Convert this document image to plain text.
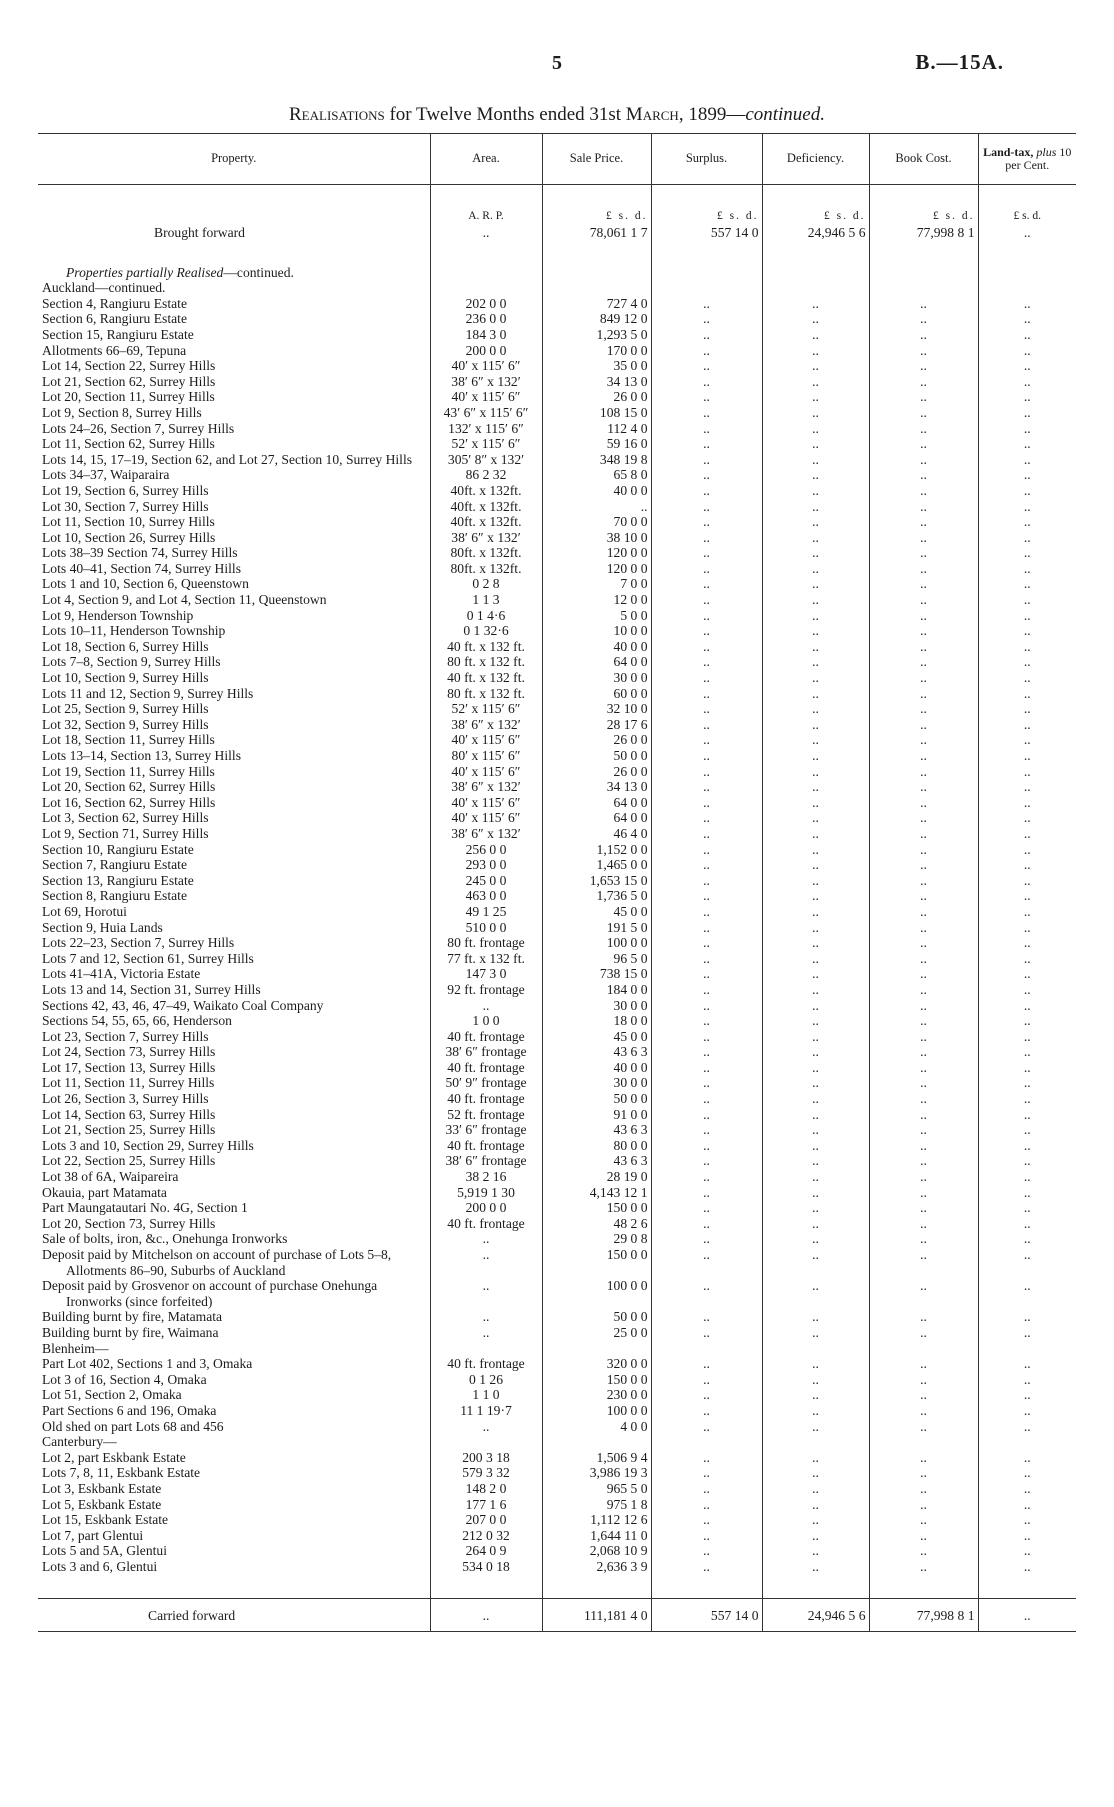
5	B.—15A.
Realisations for Twelve Months ended 31st March, 1899—continued.
Property.	Area.	Sale Price.	Surplus.	Deficiency.	Book Cost.	Land-tax, plus 10 per Cent.

	A. R. P.	£ s. d.	£ s. d.	£ s. d.	£ s. d.	£ s. d.
Brought forward	..	78,061 1 7	557 14 0	24,946 5 6	77,998 8 1	..

Properties partially Realised—continued.						
Auckland—continued.						
Section 4, Rangiuru Estate	202 0 0	727 4 0	..	..	..	..
Section 6, Rangiuru Estate	236 0 0	849 12 0	..	..	..	..
Section 15, Rangiuru Estate	184 3 0	1,293 5 0	..	..	..	..
Allotments 66–69, Tepuna	200 0 0	170 0 0	..	..	..	..
Lot 14, Section 22, Surrey Hills	40′ x 115′ 6″	35 0 0	..	..	..	..
Lot 21, Section 62, Surrey Hills	38′ 6″ x 132′	34 13 0	..	..	..	..
Lot 20, Section 11, Surrey Hills	40′ x 115′ 6″	26 0 0	..	..	..	..
Lot 9, Section 8, Surrey Hills	43′ 6″ x 115′ 6″	108 15 0	..	..	..	..
Lots 24–26, Section 7, Surrey Hills	132′ x 115′ 6″	112 4 0	..	..	..	..
Lot 11, Section 62, Surrey Hills	52′ x 115′ 6″	59 16 0	..	..	..	..
Lots 14, 15, 17–19, Section 62, and Lot 27, Section 10, Surrey Hills	305′ 8″ x 132′	348 19 8	..	..	..	..
Lots 34–37, Waiparaira	86 2 32	65 8 0	..	..	..	..
Lot 19, Section 6, Surrey Hills	40ft. x 132ft.	40 0 0	..	..	..	..
Lot 30, Section 7, Surrey Hills	40ft. x 132ft.	..	..	..	..	..
Lot 11, Section 10, Surrey Hills	40ft. x 132ft.	70 0 0	..	..	..	..
Lot 10, Section 26, Surrey Hills	38′ 6″ x 132′	38 10 0	..	..	..	..
Lots 38–39 Section 74, Surrey Hills	80ft. x 132ft.	120 0 0	..	..	..	..
Lots 40–41, Section 74, Surrey Hills	80ft. x 132ft.	120 0 0	..	..	..	..
Lots 1 and 10, Section 6, Queenstown	0 2 8	7 0 0	..	..	..	..
Lot 4, Section 9, and Lot 4, Section 11, Queenstown	1 1 3	12 0 0	..	..	..	..
Lot 9, Henderson Township	0 1 4·6	5 0 0	..	..	..	..
Lots 10–11, Henderson Township	0 1 32·6	10 0 0	..	..	..	..
Lot 18, Section 6, Surrey Hills	40 ft. x 132 ft.	40 0 0	..	..	..	..
Lots 7–8, Section 9, Surrey Hills	80 ft. x 132 ft.	64 0 0	..	..	..	..
Lot 10, Section 9, Surrey Hills	40 ft. x 132 ft.	30 0 0	..	..	..	..
Lots 11 and 12, Section 9, Surrey Hills	80 ft. x 132 ft.	60 0 0	..	..	..	..
Lot 25, Section 9, Surrey Hills	52′ x 115′ 6″	32 10 0	..	..	..	..
Lot 32, Section 9, Surrey Hills	38′ 6″ x 132′	28 17 6	..	..	..	..
Lot 18, Section 11, Surrey Hills	40′ x 115′ 6″	26 0 0	..	..	..	..
Lots 13–14, Section 13, Surrey Hills	80′ x 115′ 6″	50 0 0	..	..	..	..
Lot 19, Section 11, Surrey Hills	40′ x 115′ 6″	26 0 0	..	..	..	..
Lot 20, Section 62, Surrey Hills	38′ 6″ x 132′	34 13 0	..	..	..	..
Lot 16, Section 62, Surrey Hills	40′ x 115′ 6″	64 0 0	..	..	..	..
Lot 3, Section 62, Surrey Hills	40′ x 115′ 6″	64 0 0	..	..	..	..
Lot 9, Section 71, Surrey Hills	38′ 6″ x 132′	46 4 0	..	..	..	..
Section 10, Rangiuru Estate	256 0 0	1,152 0 0	..	..	..	..
Section 7, Rangiuru Estate	293 0 0	1,465 0 0	..	..	..	..
Section 13, Rangiuru Estate	245 0 0	1,653 15 0	..	..	..	..
Section 8, Rangiuru Estate	463 0 0	1,736 5 0	..	..	..	..
Lot 69, Horotui	49 1 25	45 0 0	..	..	..	..
Section 9, Huia Lands	510 0 0	191 5 0	..	..	..	..
Lots 22–23, Section 7, Surrey Hills	80 ft. frontage	100 0 0	..	..	..	..
Lots 7 and 12, Section 61, Surrey Hills	77 ft. x 132 ft.	96 5 0	..	..	..	..
Lots 41–41A, Victoria Estate	147 3 0	738 15 0	..	..	..	..
Lots 13 and 14, Section 31, Surrey Hills	92 ft. frontage	184 0 0	..	..	..	..
Sections 42, 43, 46, 47–49, Waikato Coal Company	..	30 0 0	..	..	..	..
Sections 54, 55, 65, 66, Henderson	1 0 0	18 0 0	..	..	..	..
Lot 23, Section 7, Surrey Hills	40 ft. frontage	45 0 0	..	..	..	..
Lot 24, Section 73, Surrey Hills	38′ 6″ frontage	43 6 3	..	..	..	..
Lot 17, Section 13, Surrey Hills	40 ft. frontage	40 0 0	..	..	..	..
Lot 11, Section 11, Surrey Hills	50′ 9″ frontage	30 0 0	..	..	..	..
Lot 26, Section 3, Surrey Hills	40 ft. frontage	50 0 0	..	..	..	..
Lot 14, Section 63, Surrey Hills	52 ft. frontage	91 0 0	..	..	..	..
Lot 21, Section 25, Surrey Hills	33′ 6″ frontage	43 6 3	..	..	..	..
Lots 3 and 10, Section 29, Surrey Hills	40 ft. frontage	80 0 0	..	..	..	..
Lot 22, Section 25, Surrey Hills	38′ 6″ frontage	43 6 3	..	..	..	..
Lot 38 of 6A, Waipareira	38 2 16	28 19 0	..	..	..	..
Okauia, part Matamata	5,919 1 30	4,143 12 1	..	..	..	..
Part Maungatautari No. 4G, Section 1	200 0 0	150 0 0	..	..	..	..
Lot 20, Section 73, Surrey Hills	40 ft. frontage	48 2 6	..	..	..	..
Sale of bolts, iron, &c., Onehunga Ironworks	..	29 0 8	..	..	..	..
Deposit paid by Mitchelson on account of purchase of Lots 5–8, Allotments 86–90, Suburbs of Auckland	..	150 0 0	..	..	..	..
Deposit paid by Grosvenor on account of purchase Onehunga Ironworks (since forfeited)	..	100 0 0	..	..	..	..
Building burnt by fire, Matamata	..	50 0 0	..	..	..	..
Building burnt by fire, Waimana	..	25 0 0	..	..	..	..
Blenheim—						
Part Lot 402, Sections 1 and 3, Omaka	40 ft. frontage	320 0 0	..	..	..	..
Lot 3 of 16, Section 4, Omaka	0 1 26	150 0 0	..	..	..	..
Lot 51, Section 2, Omaka	1 1 0	230 0 0	..	..	..	..
Part Sections 6 and 196, Omaka	11 1 19·7	100 0 0	..	..	..	..
Old shed on part Lots 68 and 456	..	4 0 0	..	..	..	..
Canterbury—						
Lot 2, part Eskbank Estate	200 3 18	1,506 9 4	..	..	..	..
Lots 7, 8, 11, Eskbank Estate	579 3 32	3,986 19 3	..	..	..	..
Lot 3, Eskbank Estate	148 2 0	965 5 0	..	..	..	..
Lot 5, Eskbank Estate	177 1 6	975 1 8	..	..	..	..
Lot 15, Eskbank Estate	207 0 0	1,112 12 6	..	..	..	..
Lot 7, part Glentui	212 0 32	1,644 11 0	..	..	..	..
Lots 5 and 5A, Glentui	264 0 9	2,068 10 9	..	..	..	..
Lots 3 and 6, Glentui	534 0 18	2,636 3 9	..	..	..	..

Carried forward	..	111,181 4 0	557 14 0	24,946 5 6	77,998 8 1	..
